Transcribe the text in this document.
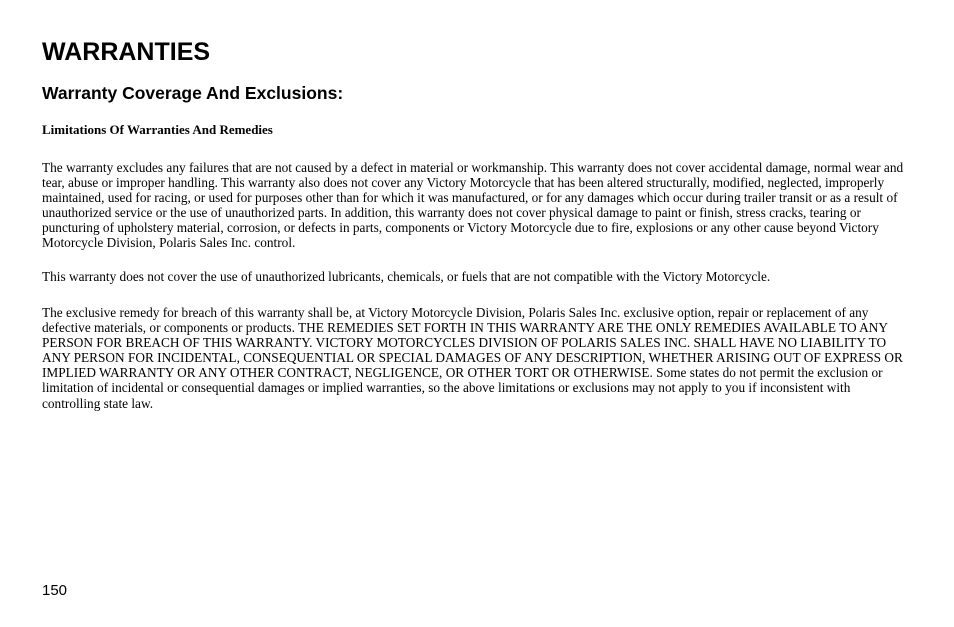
WARRANTIES
Warranty Coverage And Exclusions:
Limitations Of Warranties And Remedies

The warranty excludes any failures that are not caused by a defect in material or workmanship. This warranty does not cover accidental damage, normal wear and tear, abuse or improper handling. This warranty also does not cover any Victory Motorcycle that has been altered structurally, modified, neglected, improperly maintained, used for racing, or used for purposes other than for which it was manufactured, or for any damages which occur during trailer transit or as a result of unauthorized service or the use of unauthorized parts. In addition, this warranty does not cover physical damage to paint or finish, stress cracks, tearing or puncturing of upholstery material, corrosion, or defects in parts, components or Victory Motorcycle due to fire, explosions or any other cause beyond Victory Motorcycle Division, Polaris Sales Inc. control.

This warranty does not cover the use of unauthorized lubricants, chemicals, or fuels that are not compatible with the Victory Motorcycle.

The exclusive remedy for breach of this warranty shall be, at Victory Motorcycle Division, Polaris Sales Inc. exclusive option, repair or replacement of any defective materials, or components or products. THE REMEDIES SET FORTH IN THIS WARRANTY ARE THE ONLY REMEDIES AVAILABLE TO ANY PERSON FOR BREACH OF THIS WARRANTY. VICTORY MOTORCYCLES DIVISION OF POLARIS SALES INC. SHALL HAVE NO LIABILITY TO ANY PERSON FOR INCIDENTAL, CONSEQUENTIAL OR SPECIAL DAMAGES OF ANY DESCRIPTION, WHETHER ARISING OUT OF EXPRESS OR IMPLIED WARRANTY OR ANY OTHER CONTRACT, NEGLIGENCE, OR OTHER TORT OR OTHERWISE. Some states do not permit the exclusion or limitation of incidental or consequential damages or implied warranties, so the above limitations or exclusions may not apply to you if inconsistent with controlling state law.

150
